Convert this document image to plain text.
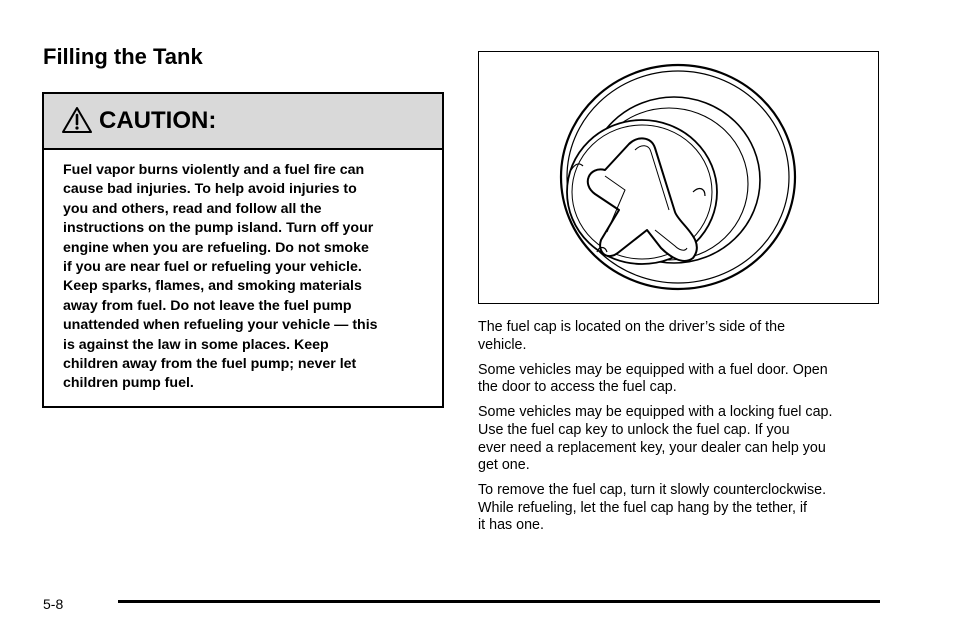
Filling the Tank
CAUTION:
Fuel vapor burns violently and a fuel fire can
cause bad injuries. To help avoid injuries to
you and others, read and follow all the
instructions on the pump island. Turn off your
engine when you are refueling. Do not smoke
if you are near fuel or refueling your vehicle.
Keep sparks, flames, and smoking materials
away from fuel. Do not leave the fuel pump
unattended when refueling your vehicle — this
is against the law in some places. Keep
children away from the fuel pump; never let
children pump fuel.

The fuel cap is located on the driver’s side of the
vehicle.

Some vehicles may be equipped with a fuel door. Open
the door to access the fuel cap.

Some vehicles may be equipped with a locking fuel cap.
Use the fuel cap key to unlock the fuel cap. If you
ever need a replacement key, your dealer can help you
get one.

To remove the fuel cap, turn it slowly counterclockwise.
While refueling, let the fuel cap hang by the tether, if
it has one.

5-8
